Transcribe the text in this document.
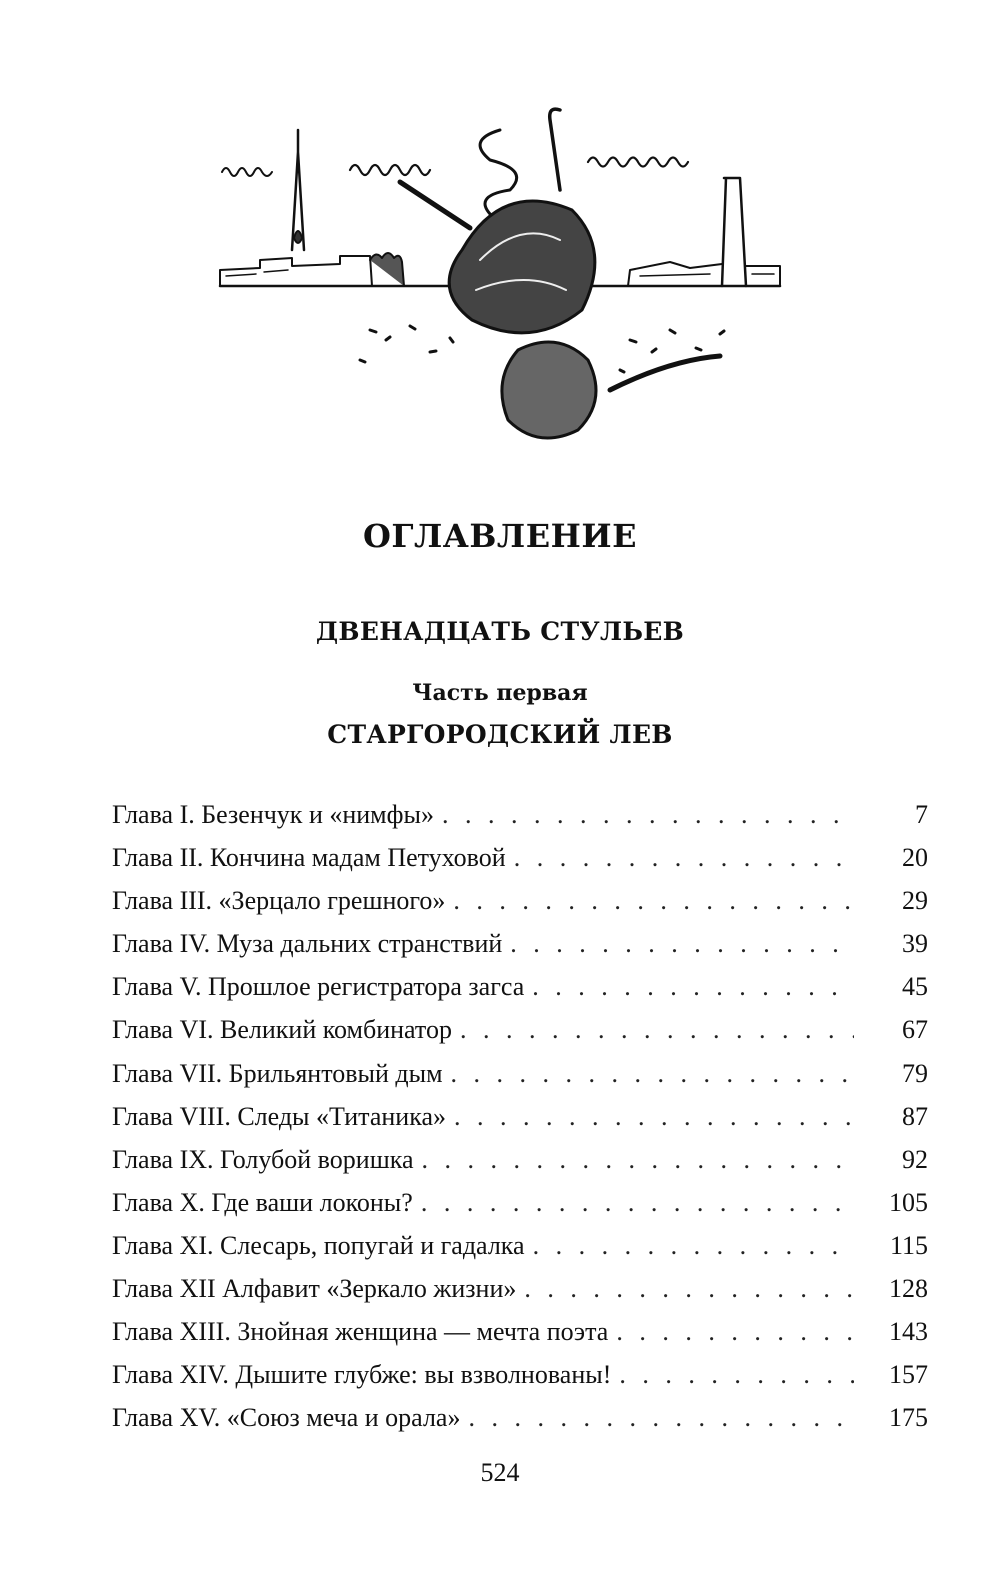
ОГЛАВЛЕНИЕ
ДВЕНАДЦАТЬ СТУЛЬЕВ
Часть первая
СТАРГОРОДСКИЙ ЛЕВ
Глава I. Безенчук и «нимфы» . . .	7
Глава II. Кончина мадам Петуховой . . .	20
Глава III. «Зерцало грешного» . . .	29
Глава IV. Муза дальних странствий . . .	39
Глава V. Прошлое регистратора загса . . .	45
Глава VI. Великий комбинатор . . .	67
Глава VII. Брильянтовый дым . . .	79
Глава VIII. Следы «Титаника» . . .	87
Глава IX. Голубой воришка . . .	92
Глава X. Где ваши локоны? . . .	105
Глава XI. Слесарь, попугай и гадалка . . .	115
Глава XII Алфавит «Зеркало жизни» . . .	128
Глава XIII. Знойная женщина — мечта поэта . . .	143
Глава XIV. Дышите глубже: вы взволнованы! . . .	157
Глава XV. «Союз меча и орала» . . .	175
524
